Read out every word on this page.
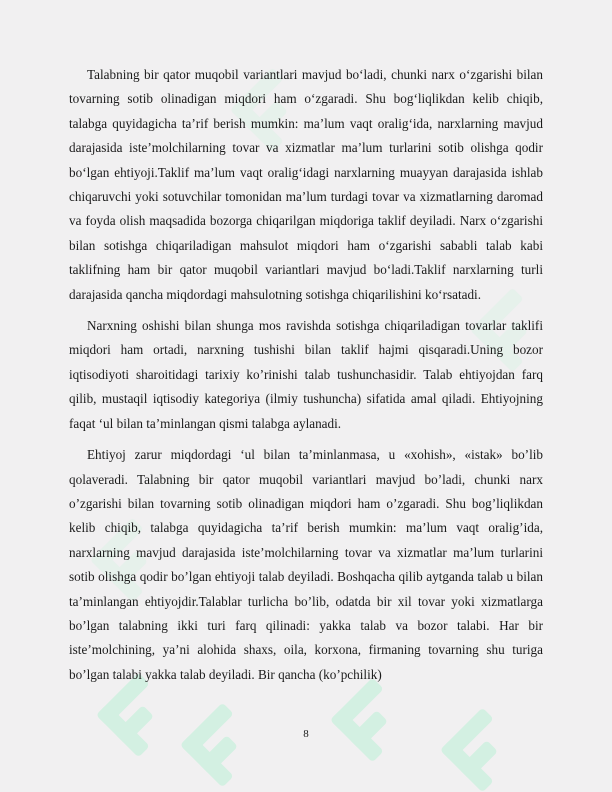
Talabning bir qator muqobil variantlari mavjud bo‘ladi, chunki narx o‘zgarishi bilan tovarning sotib olinadigan miqdori ham o‘zgaradi. Shu bog‘liqlikdan kelib chiqib, talabga quyidagicha ta’rif berish mumkin: ma’lum vaqt oralig‘ida, narxlarning mavjud darajasida iste’molchilarning tovar va xizmatlar ma’lum turlarini sotib olishga qodir bo‘lgan ehtiyoji.Taklif ma’lum vaqt oralig‘idagi narxlarning muayyan darajasida ishlab chiqaruvchi yoki sotuvchilar tomonidan ma’lum turdagi tovar va xizmatlarning daromad va foyda olish maqsadida bozorga chiqarilgan miqdoriga taklif deyiladi. Narx o‘zgarishi bilan sotishga chiqariladigan mahsulot miqdori ham o‘zgarishi sababli talab kabi taklifning ham bir qator muqobil variantlari mavjud bo‘ladi.Taklif narxlarning turli darajasida qancha miqdordagi mahsulotning sotishga chiqarilishini ko‘rsatadi.

Narxning oshishi bilan shunga mos ravishda sotishga chiqariladigan tovarlar taklifi miqdori ham ortadi, narxning tushishi bilan taklif hajmi qisqaradi.Uning bozor iqtisodiyoti sharoitidagi tarixiy ko’rinishi talab tushunchasidir. Talab ehtiyojdan farq qilib, mustaqil iqtisodiy kategoriya (ilmiy tushuncha) sifatida amal qiladi. Ehtiyojning faqat ‘ul bilan ta’minlangan qismi talabga aylanadi.

Ehtiyoj zarur miqdordagi ‘ul bilan ta’minlanmasa, u «xohish», «istak» bo’lib qolaveradi. Talabning bir qator muqobil variantlari mavjud bo’ladi, chunki narx o’zgarishi bilan tovarning sotib olinadigan miqdori ham o’zgaradi. Shu bog’liqlikdan kelib chiqib, talabga quyidagicha ta’rif berish mumkin: ma’lum vaqt oralig’ida, narxlarning mavjud darajasida iste’molchilarning tovar va xizmatlar ma’lum turlarini sotib olishga qodir bo’lgan ehtiyoji talab deyiladi. Boshqacha qilib aytganda talab u bilan ta’minlangan ehtiyojdir.Talablar turlicha bo’lib, odatda bir xil tovar yoki xizmatlarga bo’lgan talabning ikki turi farq qilinadi: yakka talab va bozor talabi. Har bir iste’molchining, ya’ni alohida shaxs, oila, korxona, firmaning tovarning shu turiga bo’lgan talabi yakka talab deyiladi. Bir qancha (ko’pchilik)

8
